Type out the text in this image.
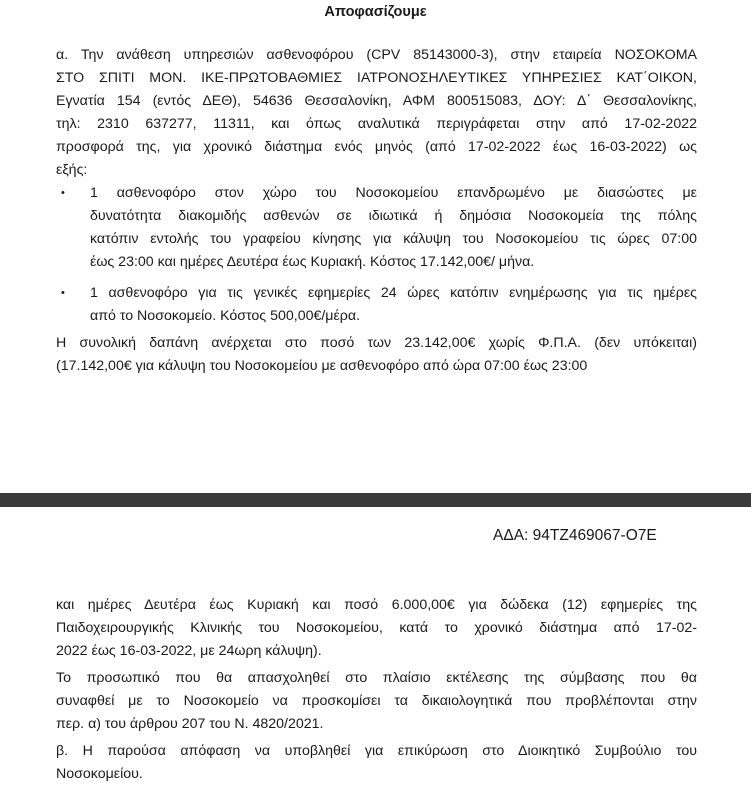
Αποφασίζουμε
α. Την ανάθεση υπηρεσιών ασθενοφόρου (CPV 85143000-3), στην εταιρεία ΝΟΣΟΚΟΜΑ
ΣΤΟ ΣΠΙΤΙ ΜΟΝ. ΙΚΕ-ΠΡΩΤΟΒΑΘΜΙΕΣ ΙΑΤΡΟΝΟΣΗΛΕΥΤΙΚΕΣ ΥΠΗΡΕΣΙΕΣ ΚΑΤ΄ΟΙΚΟΝ,
Εγνατία 154 (εντός ΔΕΘ), 54636 Θεσσαλονίκη, ΑΦΜ 800515083, ΔΟΥ: Δ΄ Θεσσαλονίκης,
τηλ: 2310 637277, 11311, και όπως αναλυτικά περιγράφεται στην από 17-02-2022
προσφορά της, για χρονικό διάστημα ενός μηνός (από 17-02-2022 έως 16-03-2022) ως
εξής:
• 1 ασθενοφόρο στον χώρο του Νοσοκομείου επανδρωμένο με διασώστες με
δυνατότητα διακομιδής ασθενών σε ιδιωτικά ή δημόσια Νοσοκομεία της πόλης
κατόπιν εντολής του γραφείου κίνησης για κάλυψη του Νοσοκομείου τις ώρες 07:00
έως 23:00 και ημέρες Δευτέρα έως Κυριακή. Κόστος 17.142,00€/ μήνα.
• 1 ασθενοφόρο για τις γενικές εφημερίες 24 ώρες κατόπιν ενημέρωσης για τις ημέρες
από το Νοσοκομείο. Κόστος 500,00€/μέρα.
Η συνολική δαπάνη ανέρχεται στο ποσό των 23.142,00€ χωρίς Φ.Π.Α. (δεν υπόκειται)
(17.142,00€ για κάλυψη του Νοσοκομείου με ασθενοφόρο από ώρα 07:00 έως 23:00
ΑΔΑ: 94ΤΖ469067-Ο7Ε
και ημέρες Δευτέρα έως Κυριακή και ποσό 6.000,00€ για δώδεκα (12) εφημερίες της
Παιδοχειρουργικής Κλινικής του Νοσοκομείου, κατά το χρονικό διάστημα από 17-02-
2022 έως 16-03-2022, με 24ωρη κάλυψη).
Το προσωπικό που θα απασχοληθεί στο πλαίσιο εκτέλεσης της σύμβασης που θα
συναφθεί με το Νοσοκομείο να προσκομίσει τα δικαιολογητικά που προβλέπονται στην
περ. α) του άρθρου 207 του Ν. 4820/2021.
β. Η παρούσα απόφαση να υποβληθεί για επικύρωση στο Διοικητικό Συμβούλιο του
Νοσοκομείου.
